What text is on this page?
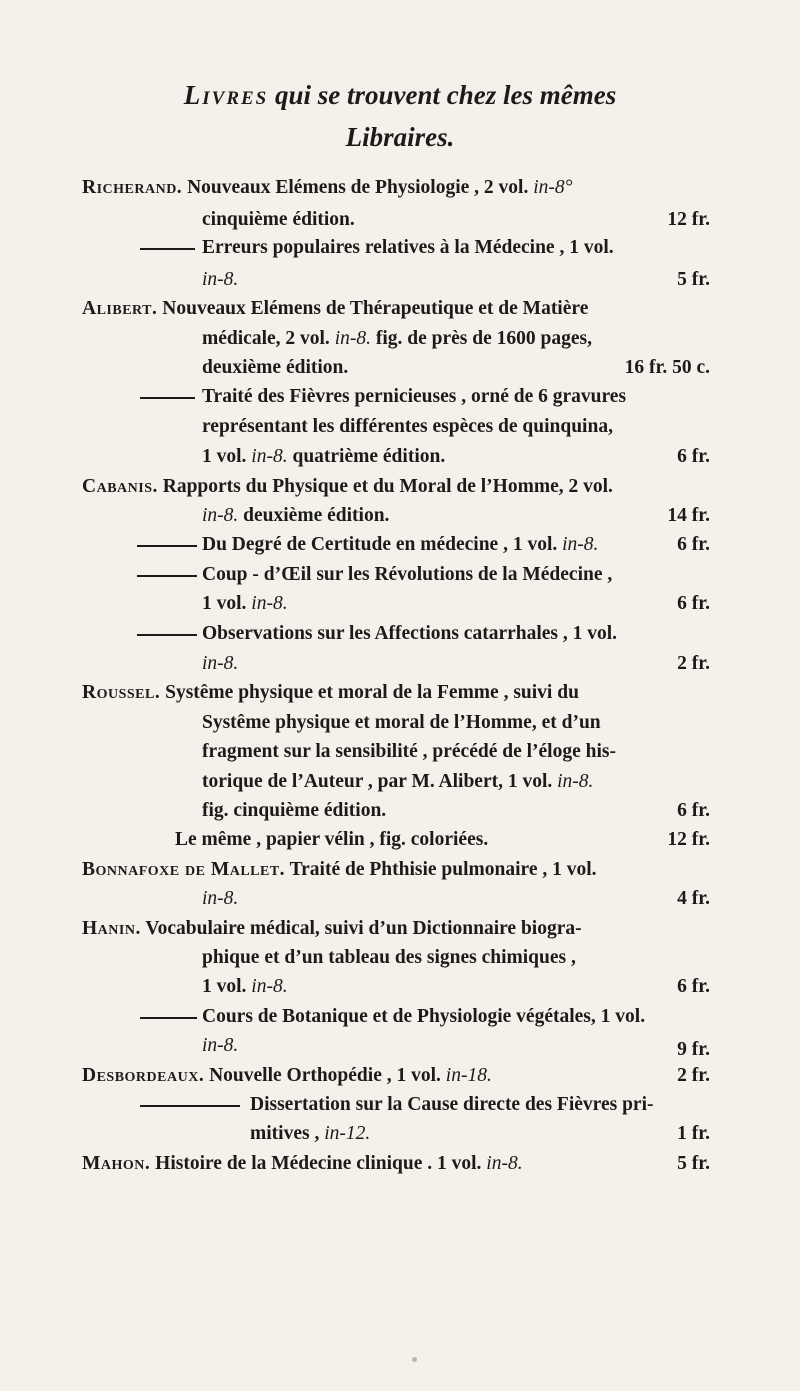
Livres qui se trouvent chez les mêmes
Libraires.
Richerand. Nouveaux Elémens de Physiologie , 2 vol. in-8°
cinquième édition.	12 fr.
Erreurs populaires relatives à la Médecine , 1 vol.
in-8.	5 fr.
Alibert. Nouveaux Elémens de Thérapeutique et de Matière
médicale, 2 vol. in-8. fig. de près de 1600 pages,
deuxième édition.	16 fr. 50 c.
Traité des Fièvres pernicieuses , orné de 6 gravures
représentant les différentes espèces de quinquina,
1 vol. in-8. quatrième édition.	6 fr.
Cabanis. Rapports du Physique et du Moral de l’Homme, 2 vol.
in-8. deuxième édition.	14 fr.
Du Degré de Certitude en médecine , 1 vol. in-8.	6 fr.
Coup - d’Œil sur les Révolutions de la Médecine ,
1 vol. in-8.	6 fr.
Observations sur les Affections catarrhales , 1 vol.
in-8.	2 fr.
Roussel. Systême physique et moral de la Femme , suivi du
Systême physique et moral de l’Homme, et d’un
fragment sur la sensibilité , précédé de l’éloge his-
torique de l’Auteur , par M. Alibert, 1 vol. in-8.
fig. cinquième édition.	6 fr.
Le même , papier vélin , fig. coloriées.	12 fr.
Bonnafoxe de Mallet. Traité de Phthisie pulmonaire , 1 vol.
in-8.	4 fr.
Hanin. Vocabulaire médical, suivi d’un Dictionnaire biogra-
phique et d’un tableau des signes chimiques ,
1 vol. in-8.	6 fr.
Cours de Botanique et de Physiologie végétales, 1 vol.
in-8.	9 fr.
Desbordeaux. Nouvelle Orthopédie , 1 vol. in-18.	2 fr.
Dissertation sur la Cause directe des Fièvres pri-
mitives , in-12.	1 fr.
Mahon. Histoire de la Médecine clinique . 1 vol. in-8.	5 fr.
